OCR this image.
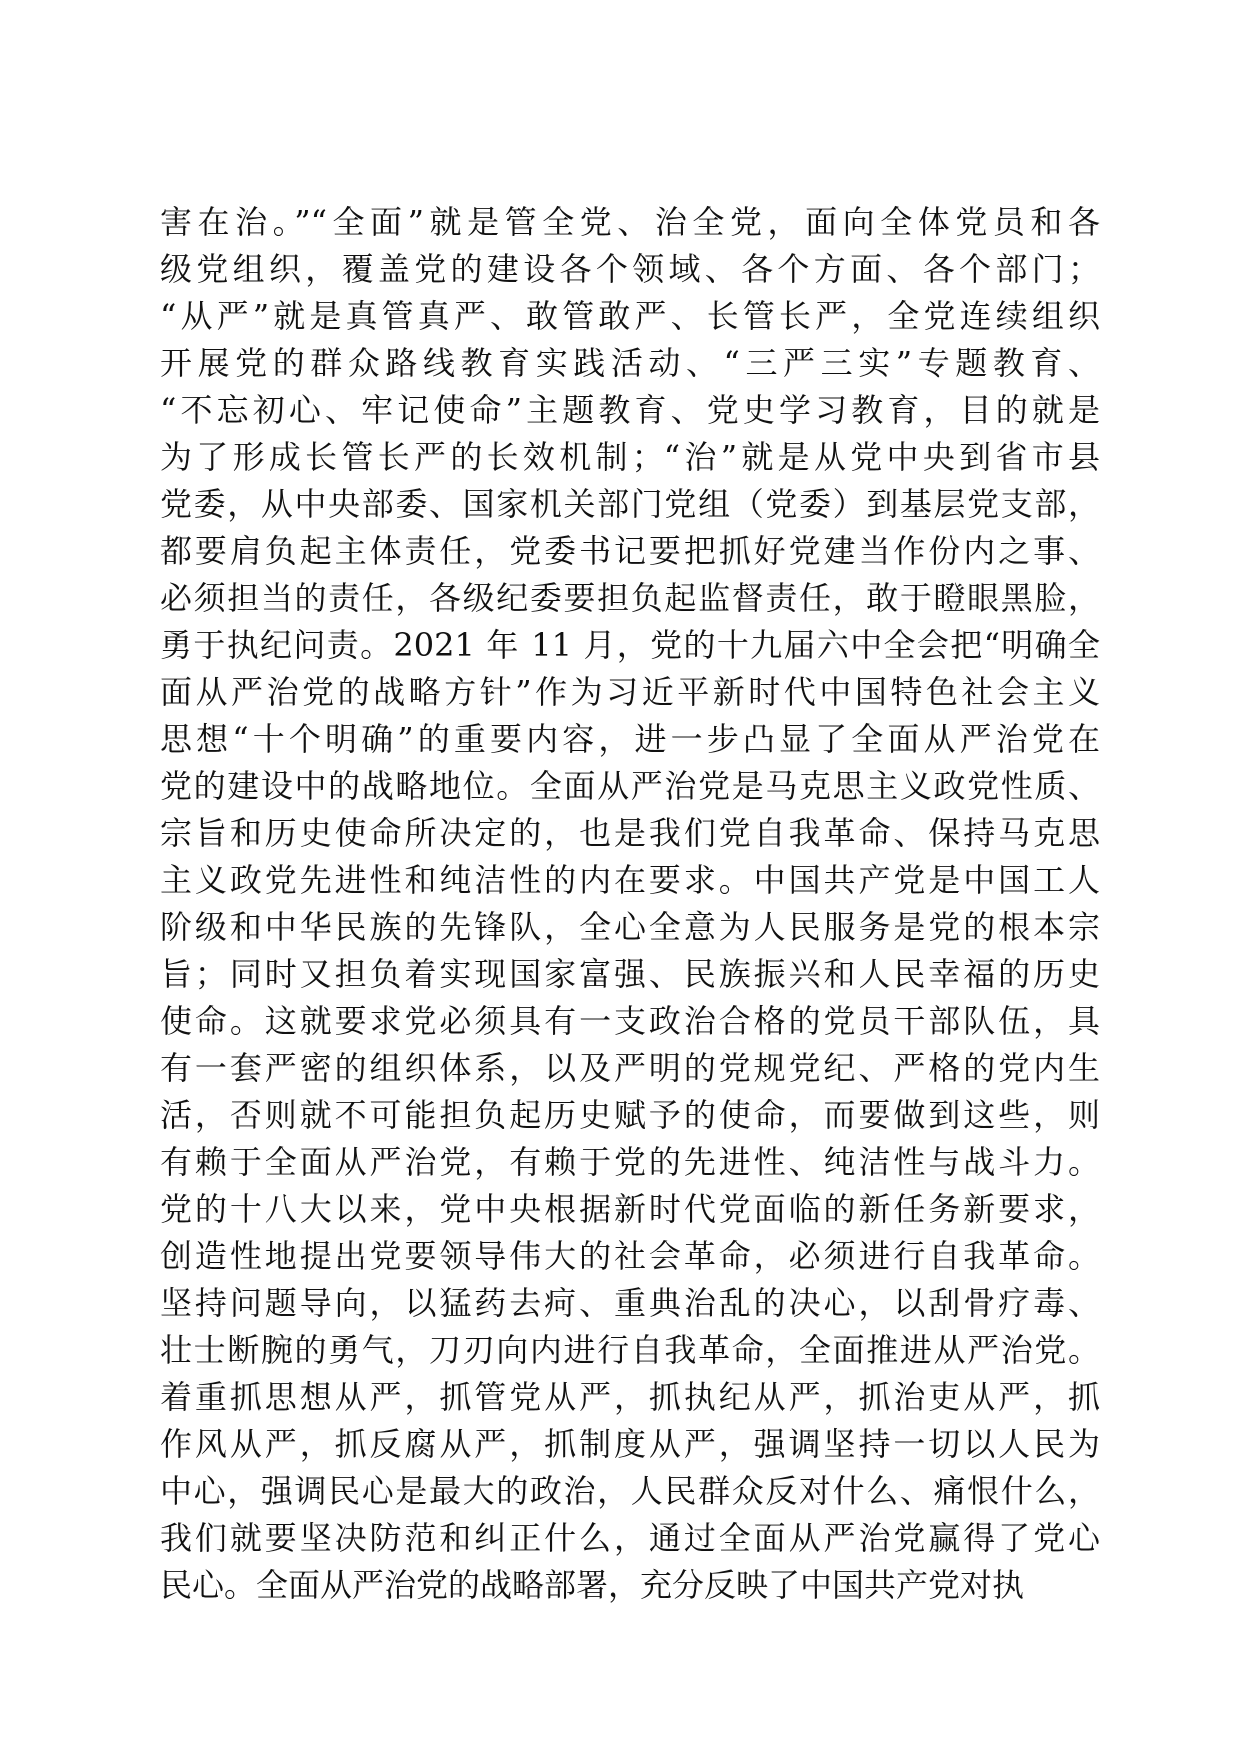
害在治。”“全面”就是管全党、治全党，面向全体党员和各
级党组织，覆盖党的建设各个领域、各个方面、各个部门；
“从严”就是真管真严、敢管敢严、长管长严，全党连续组织
开展党的群众路线教育实践活动、“三严三实”专题教育、
“不忘初心、牢记使命”主题教育、党史学习教育，目的就是
为了形成长管长严的长效机制；“治”就是从党中央到省市县
党委，从中央部委、国家机关部门党组（党委）到基层党支部，
都要肩负起主体责任，党委书记要把抓好党建当作份内之事、
必须担当的责任，各级纪委要担负起监督责任，敢于瞪眼黑脸，
勇于执纪问责。2021 年 11 月，党的十九届六中全会把“明确全
面从严治党的战略方针”作为习近平新时代中国特色社会主义
思想“十个明确”的重要内容，进一步凸显了全面从严治党在
党的建设中的战略地位。全面从严治党是马克思主义政党性质、
宗旨和历史使命所决定的，也是我们党自我革命、保持马克思
主义政党先进性和纯洁性的内在要求。中国共产党是中国工人
阶级和中华民族的先锋队，全心全意为人民服务是党的根本宗
旨；同时又担负着实现国家富强、民族振兴和人民幸福的历史
使命。这就要求党必须具有一支政治合格的党员干部队伍，具
有一套严密的组织体系，以及严明的党规党纪、严格的党内生
活，否则就不可能担负起历史赋予的使命，而要做到这些，则
有赖于全面从严治党，有赖于党的先进性、纯洁性与战斗力。
党的十八大以来，党中央根据新时代党面临的新任务新要求，
创造性地提出党要领导伟大的社会革命，必须进行自我革命。
坚持问题导向，以猛药去疴、重典治乱的决心，以刮骨疗毒、
壮士断腕的勇气，刀刃向内进行自我革命，全面推进从严治党。
着重抓思想从严，抓管党从严，抓执纪从严，抓治吏从严，抓
作风从严，抓反腐从严，抓制度从严，强调坚持一切以人民为
中心，强调民心是最大的政治，人民群众反对什么、痛恨什么，
我们就要坚决防范和纠正什么，通过全面从严治党赢得了党心
民心。全面从严治党的战略部署，充分反映了中国共产党对执
